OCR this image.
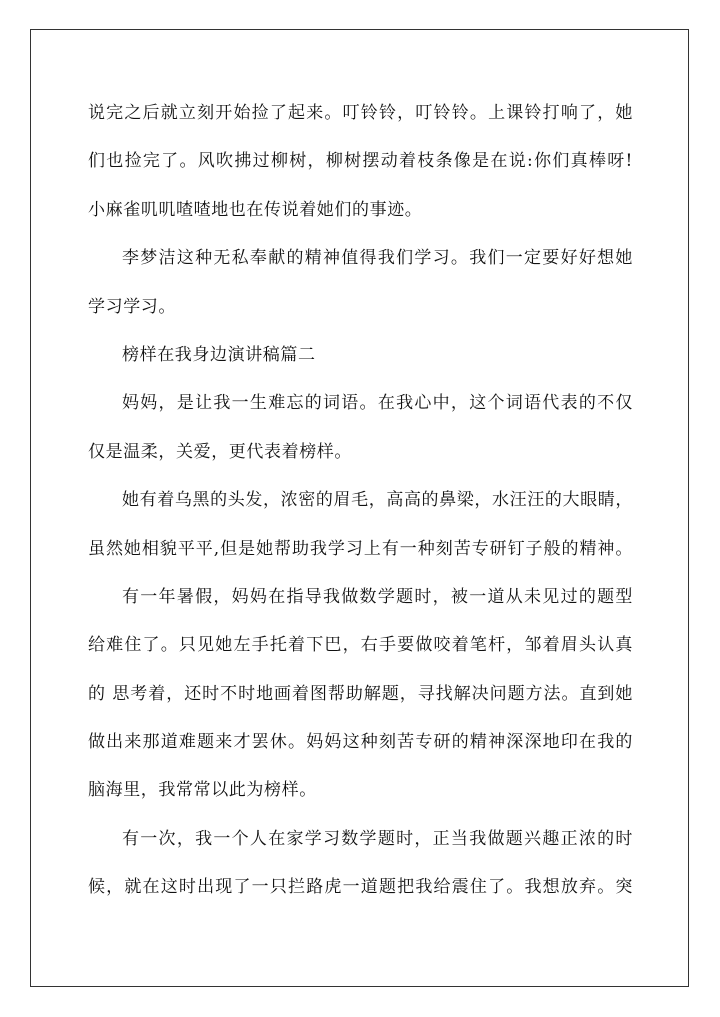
说完之后就立刻开始捡了起来。叮铃铃，叮铃铃。上课铃打响了，她
们也捡完了。风吹拂过柳树，柳树摆动着枝条像是在说:你们真棒呀!
小麻雀叽叽喳喳地也在传说着她们的事迹。
李梦洁这种无私奉献的精神值得我们学习。我们一定要好好想她
学习学习。
榜样在我身边演讲稿篇二
妈妈，是让我一生难忘的词语。在我心中，这个词语代表的不仅
仅是温柔，关爱，更代表着榜样。
她有着乌黑的头发，浓密的眉毛，高高的鼻梁，水汪汪的大眼睛，
虽然她相貌平平,但是她帮助我学习上有一种刻苦专研钉子般的精神。
有一年暑假，妈妈在指导我做数学题时，被一道从未见过的题型
给难住了。只见她左手托着下巴，右手要做咬着笔杆，邹着眉头认真
的 思考着，还时不时地画着图帮助解题，寻找解决问题方法。直到她
做出来那道难题来才罢休。妈妈这种刻苦专研的精神深深地印在我的
脑海里，我常常以此为榜样。
有一次，我一个人在家学习数学题时，正当我做题兴趣正浓的时
候，就在这时出现了一只拦路虎一道题把我给震住了。我想放弃。突
